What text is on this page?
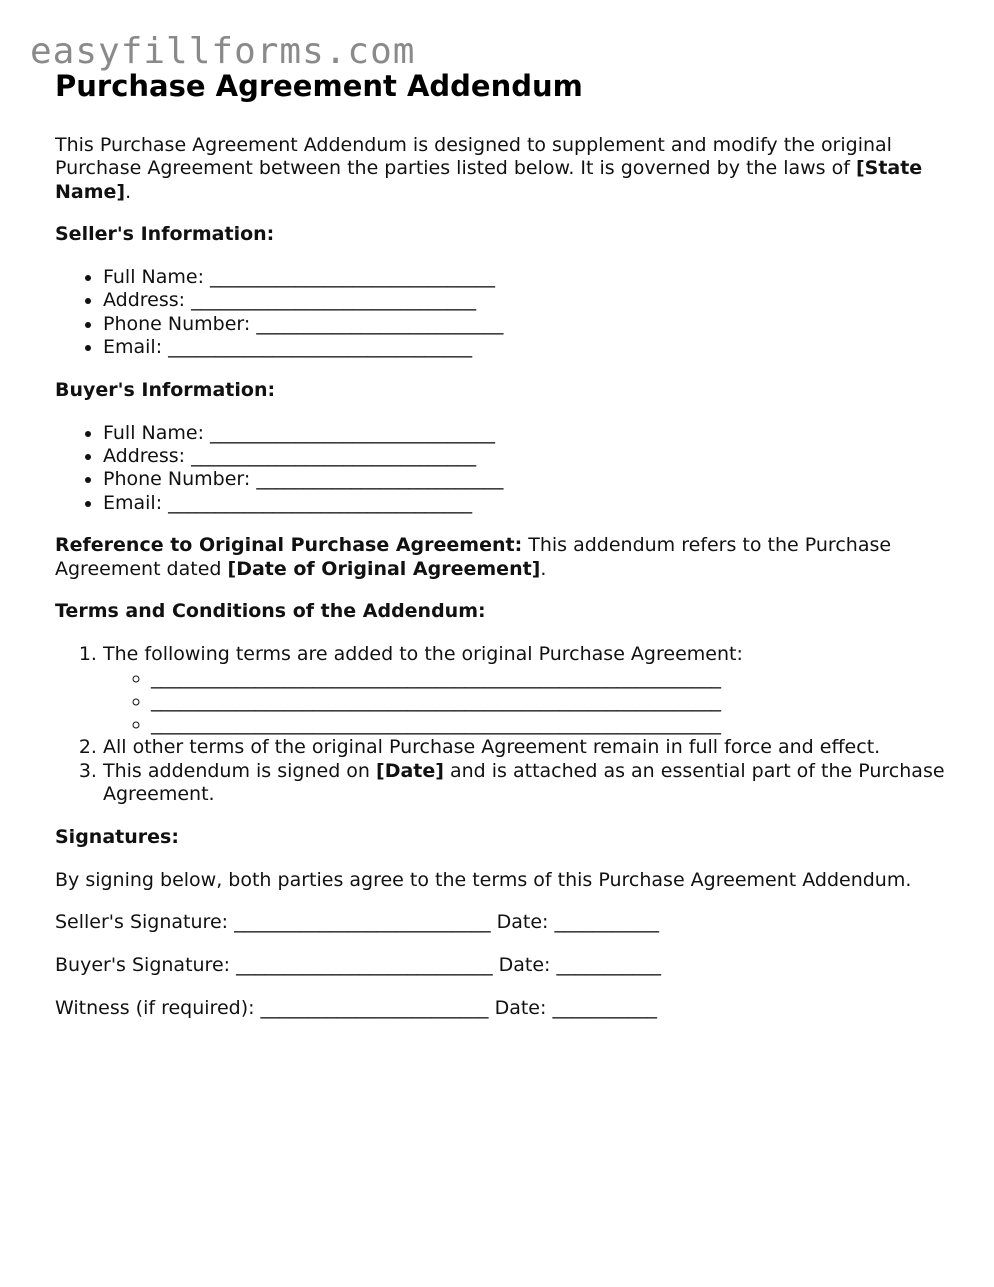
easyfillforms.com
Purchase Agreement Addendum

This Purchase Agreement Addendum is designed to supplement and modify the original Purchase Agreement between the parties listed below. It is governed by the laws of [State Name].

Seller's Information:
• Full Name: ______________________________
• Address: ______________________________
• Phone Number: __________________________
• Email: ________________________________
Buyer's Information:
• Full Name: ______________________________
• Address: ______________________________
• Phone Number: __________________________
• Email: ________________________________

Reference to Original Purchase Agreement: This addendum refers to the Purchase Agreement dated [Date of Original Agreement].

Terms and Conditions of the Addendum:
1. The following terms are added to the original Purchase Agreement:
◦ ____________________________________________________________
◦ ____________________________________________________________
◦ ____________________________________________________________
2. All other terms of the original Purchase Agreement remain in full force and effect.
3. This addendum is signed on [Date] and is attached as an essential part of the Purchase Agreement.
Signatures:

By signing below, both parties agree to the terms of this Purchase Agreement Addendum.

Seller's Signature: ___________________________ Date: ___________

Buyer's Signature: ___________________________ Date: ___________

Witness (if required): ________________________ Date: ___________
